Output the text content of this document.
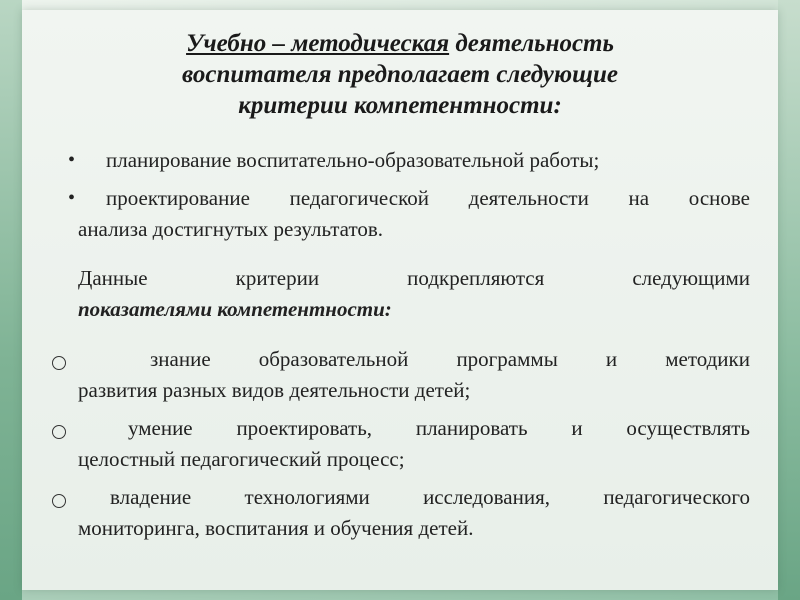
Учебно – методическая деятельность
воспитателя предполагает следующие
критерии компетентности:
• планирование воспитательно-образовательной работы;
• проектирование педагогической деятельности на основе
анализа достигнутых результатов.
Данные критерии подкрепляются следующими
показателями компетентности:
знание образовательной программы и методики
развития разных видов деятельности детей;
умение проектировать, планировать и осуществлять
целостный педагогический процесс;
владение технологиями исследования, педагогического
мониторинга, воспитания и обучения детей.
